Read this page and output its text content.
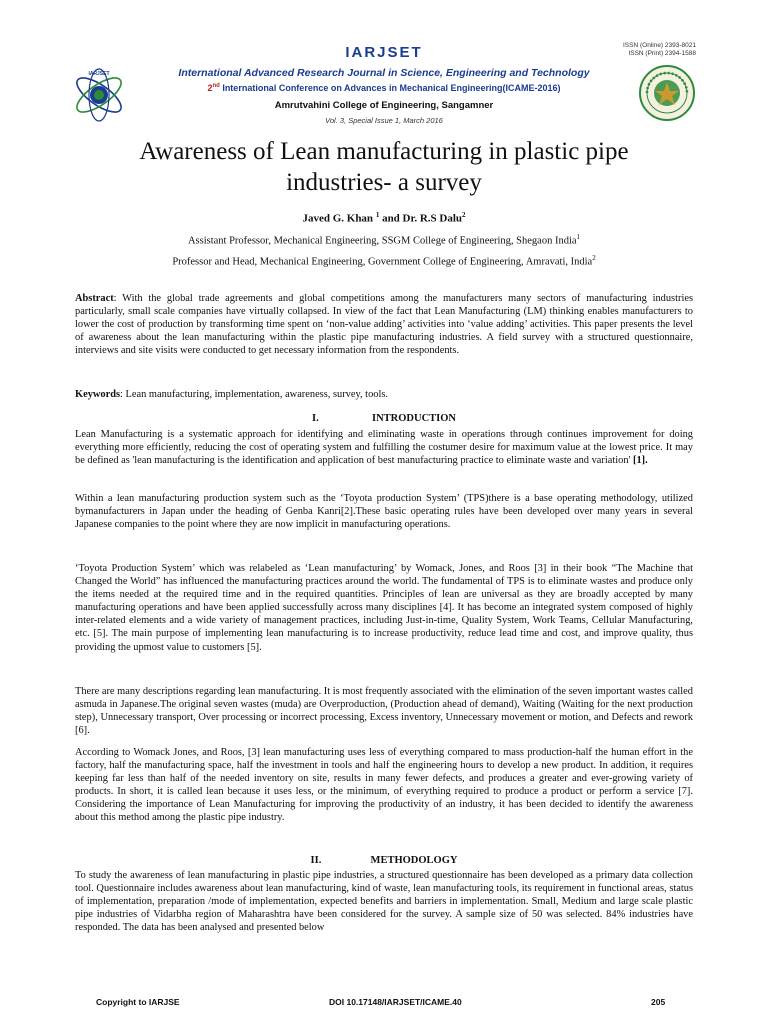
ISSN (Online) 2393-8021
ISSN (Print) 2394-1588
IARJSET
IARJSET
International Advanced Research Journal in Science, Engineering and Technology
2nd International Conference on Advances in Mechanical Engineering(ICAME-2016)
Amrutvahini College of Engineering, Sangamner
Vol. 3, Special Issue 1, March 2016
Awareness of Lean manufacturing in plastic pipe
industries- a survey
Javed G. Khan $^1$ and Dr. R.S Dalu$^2$
Assistant Professor, Mechanical Engineering, SSGM College of Engineering, Shegaon India$^1$
Professor and Head, Mechanical Engineering, Government College of Engineering, Amravati, India$^2$
Abstract: With the global trade agreements and global competitions among the manufacturers many sectors of manufacturing industries particularly, small scale companies have virtually collapsed. In view of the fact that Lean Manufacturing (LM) thinking enables manufacturers to lower the cost of production by transforming time spent on ‘non-value adding’ activities into ‘value adding’ activities. This paper presents the level of awareness about the lean manufacturing within the plastic pipe manufacturing industries. A field survey with a structured questionnaire, interviews and site visits were conducted to get necessary information from the respondents.
Keywords: Lean manufacturing, implementation, awareness, survey, tools.
I.	INTRODUCTION
Lean Manufacturing is a systematic approach for identifying and eliminating waste in operations through continues improvement for doing everything more efficiently, reducing the cost of operating system and fulfilling the costumer desire for maximum value at the lowest price. It may be defined as 'lean manufacturing is the identification and application of best manufacturing practice to eliminate waste and variation' [1].
Within a lean manufacturing production system such as the ‘Toyota production System’ (TPS)there is a base operating methodology, utilized bymanufacturers in Japan under the heading of Genba Kanri[2].These basic operating rules have been developed over many years in several Japanese companies to the point where they are now implicit in manufacturing operations.
‘Toyota Production System’ which was relabeled as ‘Lean manufacturing’ by Womack, Jones, and Roos [3] in their book “The Machine that Changed the World” has influenced the manufacturing practices around the world. The fundamental of TPS is to eliminate wastes and produce only the items needed at the required time and in the required quantities. Principles of lean are universal as they are broadly accepted by many manufacturing operations and have been applied successfully across many disciplines [4]. It has become an integrated system composed of highly inter-related elements and a wide variety of management practices, including Just-in-time, Quality System, Work Teams, Cellular Manufacturing, etc. [5]. The main purpose of implementing lean manufacturing is to increase productivity, reduce lead time and cost, and improve quality, thus providing the upmost value to customers [5].
There are many descriptions regarding lean manufacturing. It is most frequently associated with the elimination of the seven important wastes called asmuda in Japanese.The original seven wastes (muda) are Overproduction, (Production ahead of demand), Waiting (Waiting for the next production step), Unnecessary transport, Over processing or incorrect processing, Excess inventory, Unnecessary movement or motion, and Defects and rework [6].
According to Womack Jones, and Roos, [3] lean manufacturing uses less of everything compared to mass production-half the human effort in the factory, half the manufacturing space, half the investment in tools and half the engineering hours to develop a new product. In addition, it requires keeping far less than half of the needed inventory on site, results in many fewer defects, and produces a greater and ever-growing variety of products. In short, it is called lean because it uses less, or the minimum, of everything required to produce a product or perform a service [7]. Considering the importance of Lean Manufacturing for improving the productivity of an industry, it has been decided to identify the awareness about this method among the plastic pipe industry.
II.	METHODOLOGY
To study the awareness of lean manufacturing in plastic pipe industries, a structured questionnaire has been developed as a primary data collection tool. Questionnaire includes awareness about lean manufacturing, kind of waste, lean manufacturing tools, its requirement in functional areas, status of implementation, preparation /mode of implementation, expected benefits and barriers in implementation. Small, Medium and large scale plastic pipe industries of Vidarbha region of Maharashtra have been considered for the survey. A sample size of 50 was selected. 84% industries have responded. The data has been analysed and presented below
Copyright to IARJSE	DOI 10.17148/IARJSET/ICAME.40	205
